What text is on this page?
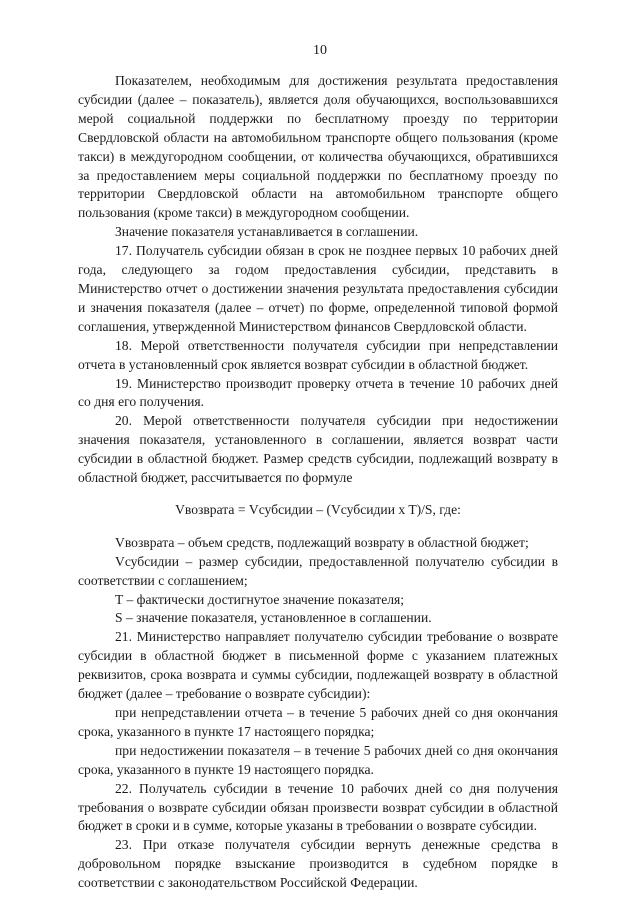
10

Показателем, необходимым для достижения результата предоставления субсидии (далее – показатель), является доля обучающихся, воспользовавшихся мерой социальной поддержки по бесплатному проезду по территории Свердловской области на автомобильном транспорте общего пользования (кроме такси) в междугородном сообщении, от количества обучающихся, обратившихся за предоставлением меры социальной поддержки по бесплатному проезду по территории Свердловской области на автомобильном транспорте общего пользования (кроме такси) в междугородном сообщении.

Значение показателя устанавливается в соглашении.

17. Получатель субсидии обязан в срок не позднее первых 10 рабочих дней года, следующего за годом предоставления субсидии, представить в Министерство отчет о достижении значения результата предоставления субсидии и значения показателя (далее – отчет) по форме, определенной типовой формой соглашения, утвержденной Министерством финансов Свердловской области.

18. Мерой ответственности получателя субсидии при непредставлении отчета в установленный срок является возврат субсидии в областной бюджет.

19. Министерство производит проверку отчета в течение 10 рабочих дней со дня его получения.

20. Мерой ответственности получателя субсидии при недостижении значения показателя, установленного в соглашении, является возврат части субсидии в областной бюджет. Размер средств субсидии, подлежащий возврату в областной бюджет, рассчитывается по формуле

Vвозврата = Vсубсидии – (Vсубсидии x T)/S, где:

Vвозврата – объем средств, подлежащий возврату в областной бюджет;

Vсубсидии – размер субсидии, предоставленной получателю субсидии в соответствии с соглашением;

T – фактически достигнутое значение показателя;

S – значение показателя, установленное в соглашении.

21. Министерство направляет получателю субсидии требование о возврате субсидии в областной бюджет в письменной форме с указанием платежных реквизитов, срока возврата и суммы субсидии, подлежащей возврату в областной бюджет (далее – требование о возврате субсидии):

при непредставлении отчета – в течение 5 рабочих дней со дня окончания срока, указанного в пункте 17 настоящего порядка;

при недостижении показателя – в течение 5 рабочих дней со дня окончания срока, указанного в пункте 19 настоящего порядка.

22. Получатель субсидии в течение 10 рабочих дней со дня получения требования о возврате субсидии обязан произвести возврат субсидии в областной бюджет в сроки и в сумме, которые указаны в требовании о возврате субсидии.

23. При отказе получателя субсидии вернуть денежные средства в добровольном порядке взыскание производится в судебном порядке в соответствии с законодательством Российской Федерации.
